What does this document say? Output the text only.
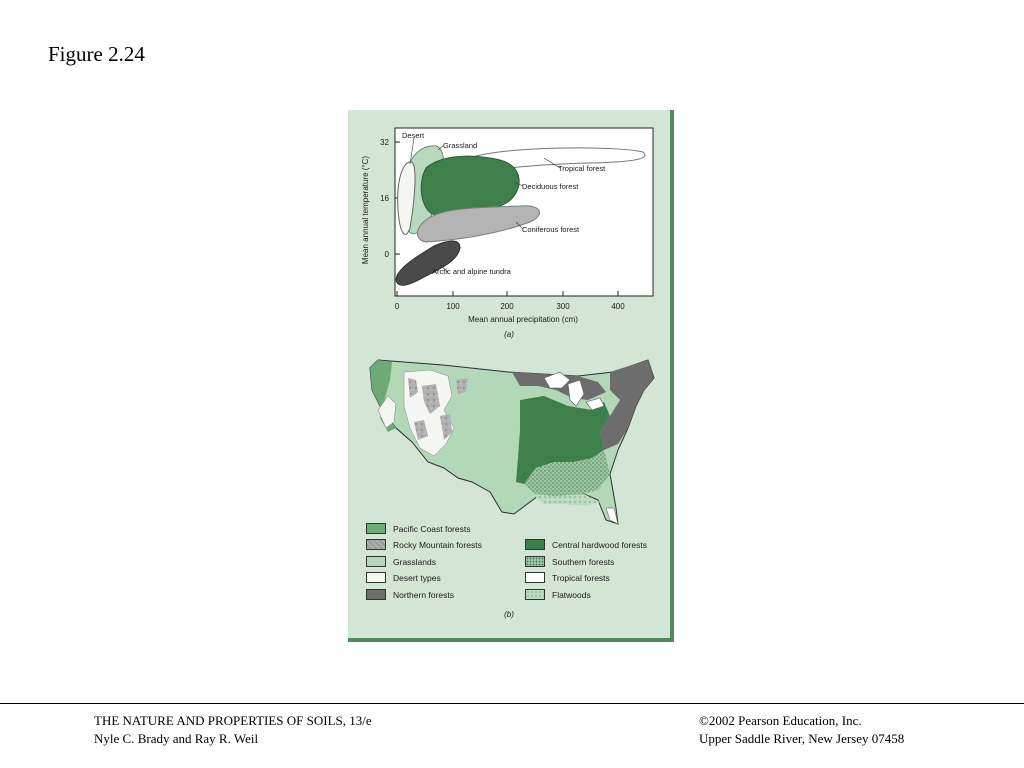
Figure 2.24
32
16
0
0	100	200	300	400
Mean annual precipitation (cm)
Mean annual temperature (°C)
(a)
Desert
Grassland
Tropical forest
Deciduous forest
Coniferous forest
Arctic and alpine tundra
(b)
Pacific Coast forests
Rocky Mountain forests
Grasslands
Desert types
Northern forests
Central hardwood forests
Southern forests
Tropical forests
Flatwoods
THE NATURE AND PROPERTIES OF SOILS, 13/e
Nyle C. Brady and Ray R. Weil
©2002 Pearson Education, Inc.
Upper Saddle River, New Jersey 07458
